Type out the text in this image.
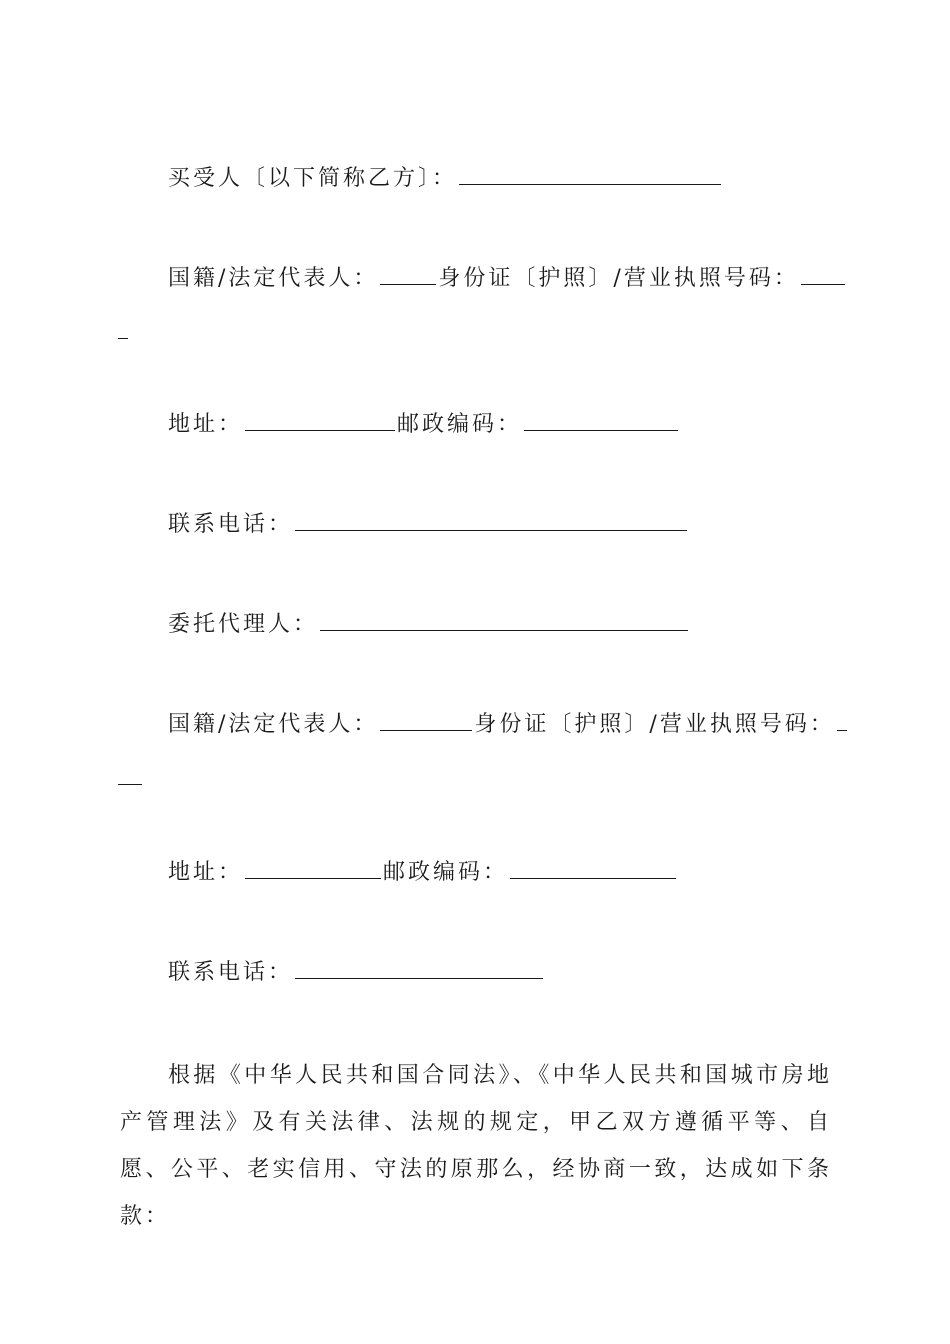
买受人〔以下简称乙方〕：
国籍/法定代表人：	身份证〔护照〕/营业执照号码：
地址：	邮政编码：
联系电话：
委托代理人：
国籍/法定代表人：	身份证〔护照〕/营业执照号码：
地址：	邮政编码：
联系电话：
根据《中华人民共和国合同法》、《中华人民共和国城市房地产管理法》及有关法律、法规的规定，甲乙双方遵循平等、自愿、公平、老实信用、守法的原那么，经协商一致，达成如下条款：
